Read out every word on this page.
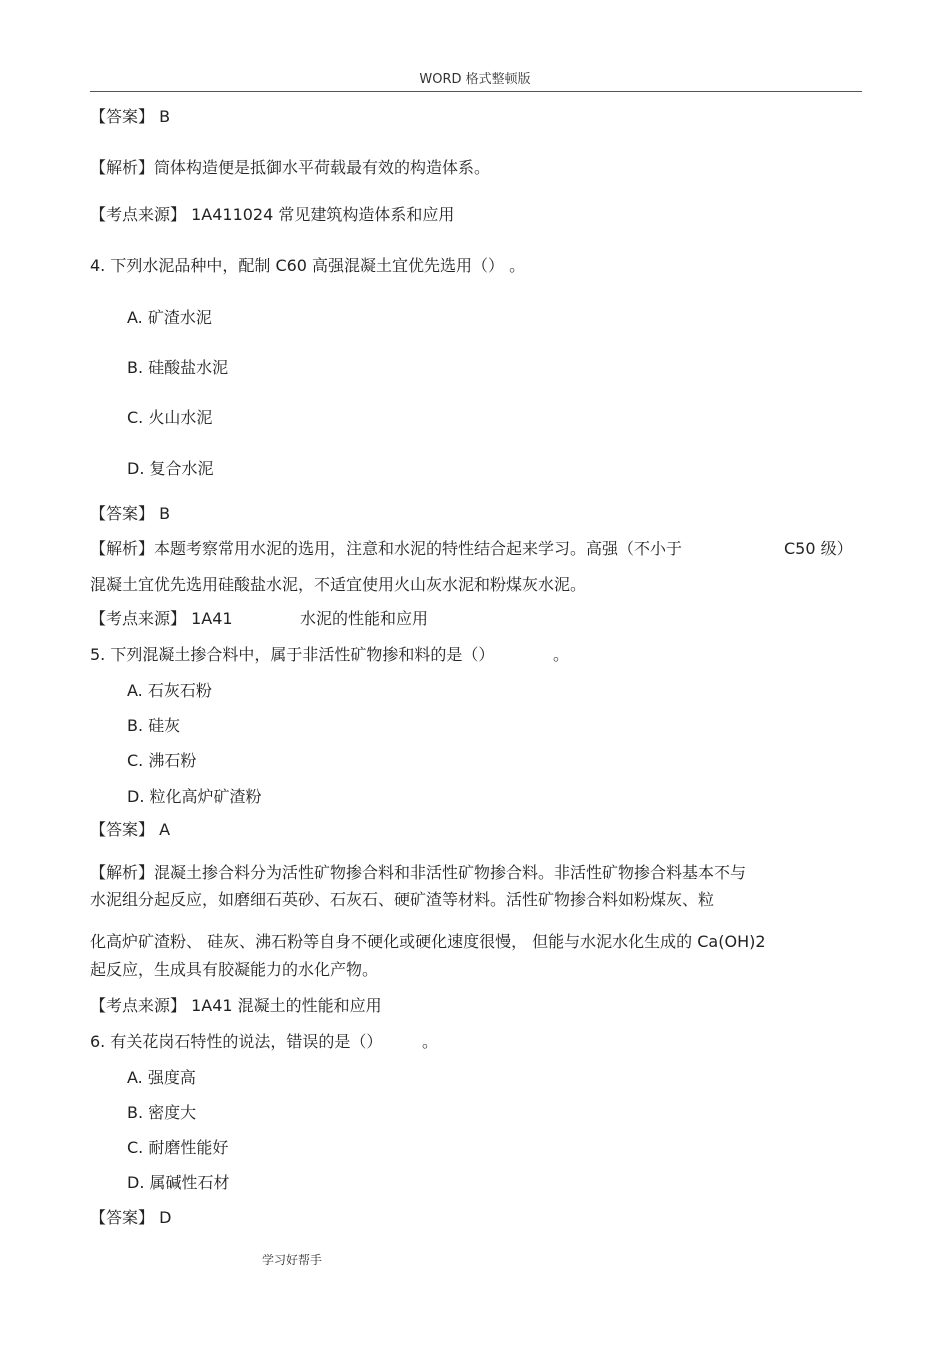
WORD 格式整顿版
【答案】 B
【解析】筒体构造便是抵御水平荷载最有效的构造体系。
【考点来源】 1A411024 常见建筑构造体系和应用
4. 下列水泥品种中，配制 C60 高强混凝土宜优先选用（） 。
A. 矿渣水泥
B. 硅酸盐水泥
C. 火山水泥
D. 复合水泥
【答案】 B
【解析】本题考察常用水泥的选用，注意和水泥的特性结合起来学习。高强（不小于	C50 级）
混凝土宜优先选用硅酸盐水泥，不适宜使用火山灰水泥和粉煤灰水泥。
【考点来源】 1A41	水泥的性能和应用
5. 下列混凝土掺合料中，属于非活性矿物掺和料的是（）	。
A. 石灰石粉
B. 硅灰
C. 沸石粉
D. 粒化高炉矿渣粉
【答案】 A
【解析】混凝土掺合料分为活性矿物掺合料和非活性矿物掺合料。非活性矿物掺合料基本不与
水泥组分起反应，如磨细石英砂、石灰石、硬矿渣等材料。活性矿物掺合料如粉煤灰、粒
化高炉矿渣粉、 硅灰、沸石粉等自身不硬化或硬化速度很慢， 但能与水泥水化生成的 Ca(OH)2
起反应，生成具有胶凝能力的水化产物。
【考点来源】 1A41 混凝土的性能和应用
6. 有关花岗石特性的说法，错误的是（） 。
A. 强度高
B. 密度大
C. 耐磨性能好
D. 属碱性石材
【答案】 D
学习好帮手
